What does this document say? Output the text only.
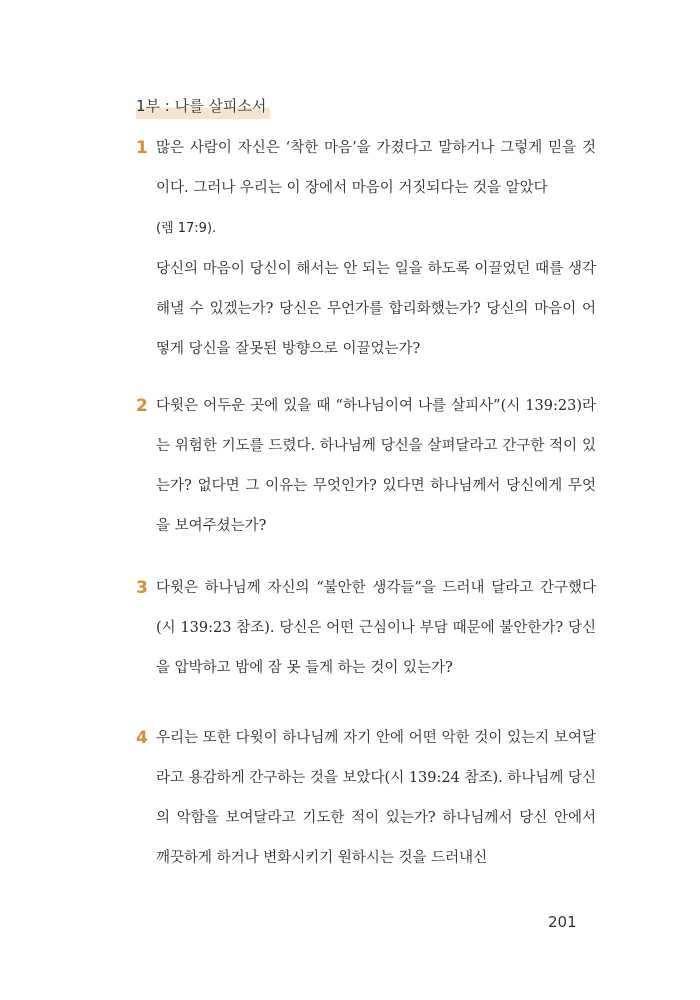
1부 : 나를 살피소서
1 많은 사람이 자신은 ‘착한 마음’을 가졌다고 말하거나 그렇게 믿을 것이다. 그러나 우리는 이 장에서 마음이 거짓되다는 것을 알았다
(렘 17:9).

당신의 마음이 당신이 해서는 안 되는 일을 하도록 이끌었던 때를 생각해낼 수 있겠는가? 당신은 무언가를 합리화했는가? 당신의 마음이 어떻게 당신을 잘못된 방향으로 이끌었는가?

2 다윗은 어두운 곳에 있을 때 “하나님이여 나를 살피사”(시 139:23)라는 위험한 기도를 드렸다. 하나님께 당신을 살펴달라고 간구한 적이 있는가? 없다면 그 이유는 무엇인가? 있다면 하나님께서 당신에게 무엇을 보여주셨는가?

3 다윗은 하나님께 자신의 “불안한 생각들”을 드러내 달라고 간구했다(시 139:23 참조). 당신은 어떤 근심이나 부담 때문에 불안한가? 당신을 압박하고 밤에 잠 못 들게 하는 것이 있는가?

4 우리는 또한 다윗이 하나님께 자기 안에 어떤 악한 것이 있는지 보여달라고 용감하게 간구하는 것을 보았다(시 139:24 참조). 하나님께 당신의 악함을 보여달라고 기도한 적이 있는가? 하나님께서 당신 안에서 깨끗하게 하거나 변화시키기 원하시는 것을 드러내신

201
